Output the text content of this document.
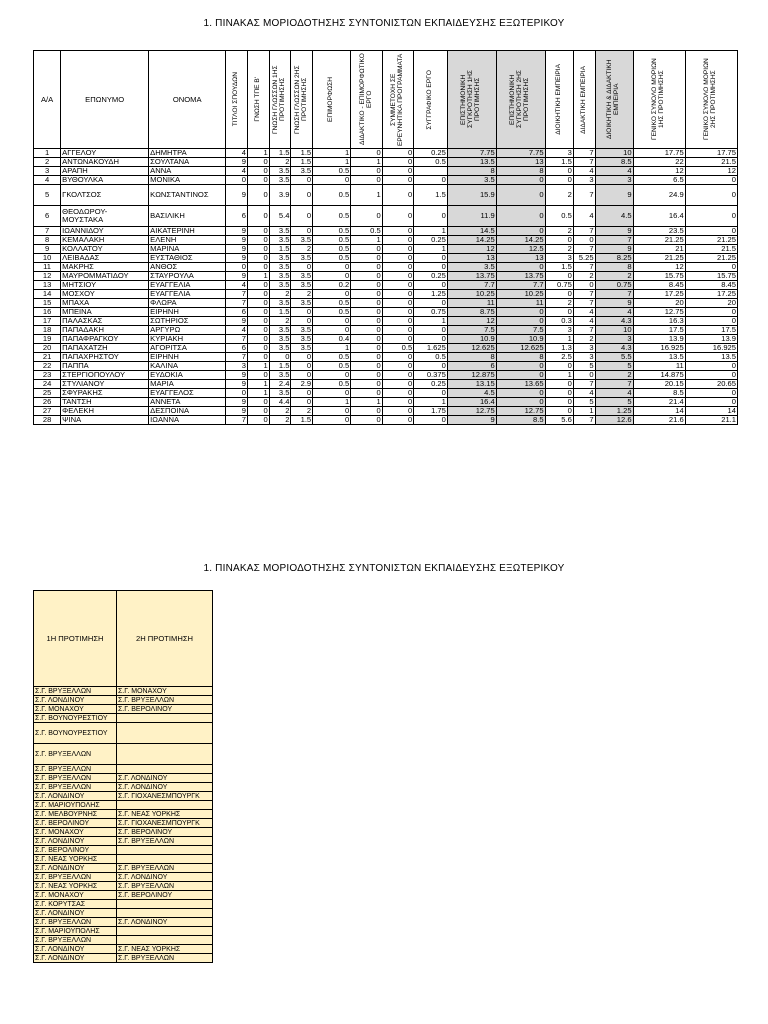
1. ΠΙΝΑΚΑΣ ΜΟΡΙΟΔΟΤΗΣΗΣ ΣΥΝΤΟΝΙΣΤΩΝ ΕΚΠΑΙΔΕΥΣΗΣ ΕΞΩΤΕΡΙΚΟΥ
Α/Α	ΕΠΩΝΥΜΟ	ΟΝΟΜΑ	ΤΙΤΛΟΙ ΣΠΟΥΔΩΝ	ΓΝΩΣΗ ΤΠΕ Β'	ΓΝΩΣΗ ΓΛΩΣΣΩΝ 1ΗΣ ΠΡΟΤΙΜΗΣΗΣ	ΓΝΩΣΗ ΓΛΩΣΣΩΝ 2ΗΣ ΠΡΟΤΙΜΗΣΗΣ	ΕΠΙΜΟΡΦΩΣΗ	ΔΙΔΑΚΤΙΚΟ - ΕΠΙΜΟΡΦΩΤΙΚΟ ΕΡΓΟ	ΣΥΜΜΕΤΟΧΗ ΣΕ ΕΡΕΥΝΗΤΙΚΑ ΠΡΟΓΡΑΜΜΑΤΑ	ΣΥΓΓΡΑΦΙΚΟ ΕΡΓΟ	ΕΠΙΣΤΗΜΟΝΙΚΗ ΣΥΓΚΡΟΤΗΣΗ 1ΗΣ ΠΡΟΤΙΜΗΣΗΣ	ΕΠΙΣΤΗΜΟΝΙΚΗ ΣΥΓΚΡΟΤΗΣΗ 2ΗΣ ΠΡΟΤΙΜΗΣΗΣ	ΔΙΟΙΚΗΤΙΚΗ ΕΜΠΕΙΡΙΑ	ΔΙΔΑΚΤΙΚΗ ΕΜΠΕΙΡΙΑ	ΔΙΟΙΚΗΤΙΚΗ & ΔΙΔΑΚΤΙΚΗ ΕΜΠΕΙΡΙΑ	ΓΕΝΙΚΟ ΣΥΝΟΛΟ ΜΟΡΙΩΝ 1ΗΣ ΠΡΟΤΙΜΗΣΗΣ	ΓΕΝΙΚΟ ΣΥΝΟΛΟ ΜΟΡΙΩΝ 2ΗΣ ΠΡΟΤΙΜΗΣΗΣ

1	ΑΓΓΕΛΟΥ	ΔΗΜΗΤΡΑ	4	1	1.5	1.5	1	0	0	0.25	7.75	7.75	3	7	10	17.75	17.75
2	ΑΝΤΩΝΑΚΟΥΔΗ	ΣΟΥΛΤΑΝΑ	9	0	2	1.5	1	1	0	0.5	13.5	13	1.5	7	8.5	22	21.5
3	ΑΡΑΠΗ	ΑΝΝΑ	4	0	3.5	3.5	0.5	0	0		8	8	0	4	4	12	12
4	ΒΥΘΟΥΛΚΑ	ΜΟΝΙΚΑ	0	0	3.5	0	0	0	0	0	3.5	0	0	3	3	6.5	0
5	ΓΚΟΛΤΣΟΣ	ΚΩΝΣΤΑΝΤΙΝΟΣ	9	0	3.9	0	0.5	1	0	1.5	15.9	0	2	7	9	24.9	0
6	ΘΕΟΔΩΡΟΥ-ΜΟΥΣΤΑΚΑ	ΒΑΣΙΛΙΚΗ	6	0	5.4	0	0.5	0	0	0	11.9	0	0.5	4	4.5	16.4	0
7	ΙΩΑΝΝΙΔΟΥ	ΑΙΚΑΤΕΡΙΝΗ	9	0	3.5	0	0.5	0.5	0	1	14.5	0	2	7	9	23.5	0
8	ΚΕΜΑΛΑΚΗ	ΕΛΕΝΗ	9	0	3.5	3.5	0.5	1	0	0.25	14.25	14.25	0	0	7	21.25	21.25
9	ΚΟΛΛΑΤΟΥ	ΜΑΡΙΝΑ	9	0	1.5	2	0.5	0	0	1	12	12.5	2	7	9	21	21.5
10	ΛΕΙΒΑΔΑΣ	ΕΥΣΤΑΘΙΟΣ	9	0	3.5	3.5	0.5	0	0	0	13	13	3	5.25	8.25	21.25	21.25
11	ΜΑΚΡΗΣ	ΑΝΘΟΣ	0	0	3.5	0	0	0	0	0	3.5	0	1.5	7	8	12	0
12	ΜΑΥΡΟΜΜΑΤΙΔΟΥ	ΣΤΑΥΡΟΥΛΑ	9	1	3.5	3.5	0	0	0	0.25	13.75	13.75	0	2	2	15.75	15.75
13	ΜΗΤΣΙΟΥ	ΕΥΑΓΓΕΛΙΑ	4	0	3.5	3.5	0.2	0	0	0	7.7	7.7	0.75	0	0.75	8.45	8.45
14	ΜΟΣΧΟΥ	ΕΥΑΓΓΕΛΙΑ	7	0	2	2	0	0	0	1.25	10.25	10.25	0	7	7	17.25	17.25
15	ΜΠΑΧΑ	ΦΛΩΡΑ	7	0	3.5	3.5	0.5	0	0	0	11	11	2	7	9	20	20
16	ΜΠΕΙΝΑ	ΕΙΡΗΝΗ	6	0	1.5	0	0.5	0	0	0.75	8.75	0	0	4	4	12.75	0
17	ΠΑΛΑΣΚΑΣ	ΣΩΤΗΡΙΟΣ	9	0	2	0	0	0	0	1	12	0	0.3	4	4.3	16.3	0
18	ΠΑΠΑΔΑΚΗ	ΑΡΓΥΡΩ	4	0	3.5	3.5	0	0	0	0	7.5	7.5	3	7	10	17.5	17.5
19	ΠΑΠΑΦΡΑΓΚΟΥ	ΚΥΡΙΑΚΗ	7	0	3.5	3.5	0.4	0	0	0	10.9	10.9	1	2	3	13.9	13.9
20	ΠΑΠΑΧΑΤΖΗ	ΑΓΟΡΙΤΣΑ	6	0	3.5	3.5	1	0	0.5	1.625	12.625	12.625	1.3	3	4.3	16.925	16.925
21	ΠΑΠΑΧΡΗΣΤΟΥ	ΕΙΡΗΝΗ	7	0	0	0	0.5	0	0	0.5	8	8	2.5	3	5.5	13.5	13.5
22	ΠΑΠΠΑ	ΚΑΛΙΝΑ	3	1	1.5	0	0.5	0	0	0	6	0	0	5	5	11	0
23	ΣΤΕΡΓΙΟΠΟΥΛΟΥ	ΕΥΔΟΚΙΑ	9	0	3.5	0	0	0	0	0.375	12.875	0	1	0	2	14.875	0
24	ΣΤΥΛΙΑΝΟΥ	ΜΑΡΙΑ	9	1	2.4	2.9	0.5	0	0	0.25	13.15	13.65	0	7	7	20.15	20.65
25	ΣΦΥΡΑΚΗΣ	ΕΥΑΓΓΕΛΟΣ	0	1	3.5	0	0	0	0	0	4.5	0	0	4	4	8.5	0
26	ΤΑΝΤΣΗ	ΑΝΝΕΤΑ	9	0	4.4	0	1	1	0	1	16.4	0	0	5	5	21.4	0
27	ΦΕΛΕΚΗ	ΔΕΣΠΟΙΝΑ	9	0	2	2	0	0	0	1.75	12.75	12.75	0	1	1.25	14	14
28	ΨΙΝΑ	ΙΩΑΝΝΑ	7	0	2	1.5	0	0	0	0	9	8.5	5.6	7	12.6	21.6	21.1
1. ΠΙΝΑΚΑΣ ΜΟΡΙΟΔΟΤΗΣΗΣ ΣΥΝΤΟΝΙΣΤΩΝ ΕΚΠΑΙΔΕΥΣΗΣ ΕΞΩΤΕΡΙΚΟΥ
1Η ΠΡΟΤΙΜΗΣΗ	2Η ΠΡΟΤΙΜΗΣΗ
Σ.Γ. ΒΡΥΞΕΛΛΩΝ	Σ.Γ. ΜΟΝΑΧΟΥ
Σ.Γ. ΛΟΝΔΙΝΟΥ	Σ.Γ. ΒΡΥΞΕΛΛΩΝ
Σ.Γ. ΜΟΝΑΧΟΥ	Σ.Γ. ΒΕΡΟΛΙΝΟΥ
Σ.Γ. ΒΟΥΝΟΥΡΕΣΤΙΟΥ	
Σ.Γ. ΒΟΥΝΟΥΡΕΣΤΙΟΥ	
Σ.Γ. ΒΡΥΞΕΛΛΩΝ	
Σ.Γ. ΒΡΥΞΕΛΛΩΝ	
Σ.Γ. ΒΡΥΞΕΛΛΩΝ	Σ.Γ. ΛΟΝΔΙΝΟΥ
Σ.Γ. ΒΡΥΞΕΛΛΩΝ	Σ.Γ. ΛΟΝΔΙΝΟΥ
Σ.Γ. ΛΟΝΔΙΝΟΥ	Σ.Γ. ΓΙΟΧΑΝΕΣΜΠΟΥΡΓΚ
Σ.Γ. ΜΑΡΙΟΥΠΟΛΗΣ	
Σ.Γ. ΜΕΛΒΟΥΡΝΗΣ	Σ.Γ. ΝΕΑΣ ΥΟΡΚΗΣ
Σ.Γ. ΒΕΡΟΛΙΝΟΥ	Σ.Γ. ΓΙΟΧΑΝΕΣΜΠΟΥΡΓΚ
Σ.Γ. ΜΟΝΑΧΟΥ	Σ.Γ. ΒΕΡΟΛΙΝΟΥ
Σ.Γ. ΛΟΝΔΙΝΟΥ	Σ.Γ. ΒΡΥΞΕΛΛΩΝ
Σ.Γ. ΒΕΡΟΛΙΝΟΥ	
Σ.Γ. ΝΕΑΣ ΥΟΡΚΗΣ	
Σ.Γ. ΛΟΝΔΙΝΟΥ	Σ.Γ. ΒΡΥΞΕΛΛΩΝ
Σ.Γ. ΒΡΥΞΕΛΛΩΝ	Σ.Γ. ΛΟΝΔΙΝΟΥ
Σ.Γ. ΝΕΑΣ ΥΟΡΚΗΣ	Σ.Γ. ΒΡΥΞΕΛΛΩΝ
Σ.Γ. ΜΟΝΑΧΟΥ	Σ.Γ. ΒΕΡΟΛΙΝΟΥ
Σ.Γ. ΚΟΡΥΤΣΑΣ	
Σ.Γ. ΛΟΝΔΙΝΟΥ	
Σ.Γ. ΒΡΥΞΕΛΛΩΝ	Σ.Γ. ΛΟΝΔΙΝΟΥ
Σ.Γ. ΜΑΡΙΟΥΠΟΛΗΣ	
Σ.Γ. ΒΡΥΞΕΛΛΩΝ	
Σ.Γ. ΛΟΝΔΙΝΟΥ	Σ.Γ. ΝΕΑΣ ΥΟΡΚΗΣ
Σ.Γ. ΛΟΝΔΙΝΟΥ	Σ.Γ. ΒΡΥΞΕΛΛΩΝ
